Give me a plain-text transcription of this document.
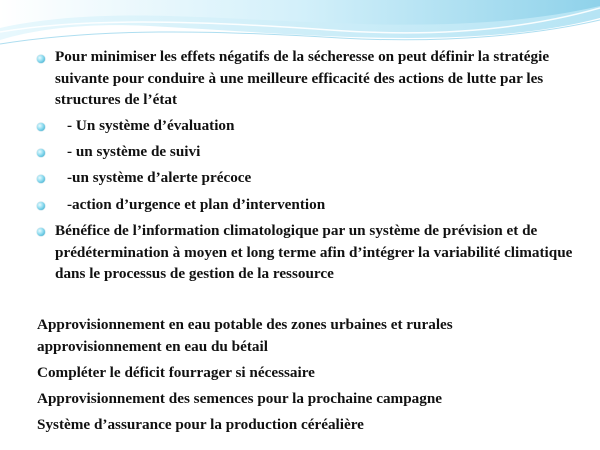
Pour minimiser les effets négatifs de la sécheresse on peut définir la stratégie suivante pour conduire à une meilleure efficacité des actions de lutte par les structures de l’état
- Un système d’évaluation
- un système de suivi
-un système d’alerte précoce
-action d’urgence et plan d’intervention
Bénéfice de l’information climatologique par un système de prévision et de prédétermination à moyen et long terme afin d’intégrer la variabilité climatique dans le processus de gestion de la ressource
Approvisionnement en eau potable des zones urbaines et rurales approvisionnement en eau du bétail
Compléter le déficit fourrager si nécessaire
Approvisionnement des semences pour la prochaine campagne
Système d’assurance pour la production céréalière
